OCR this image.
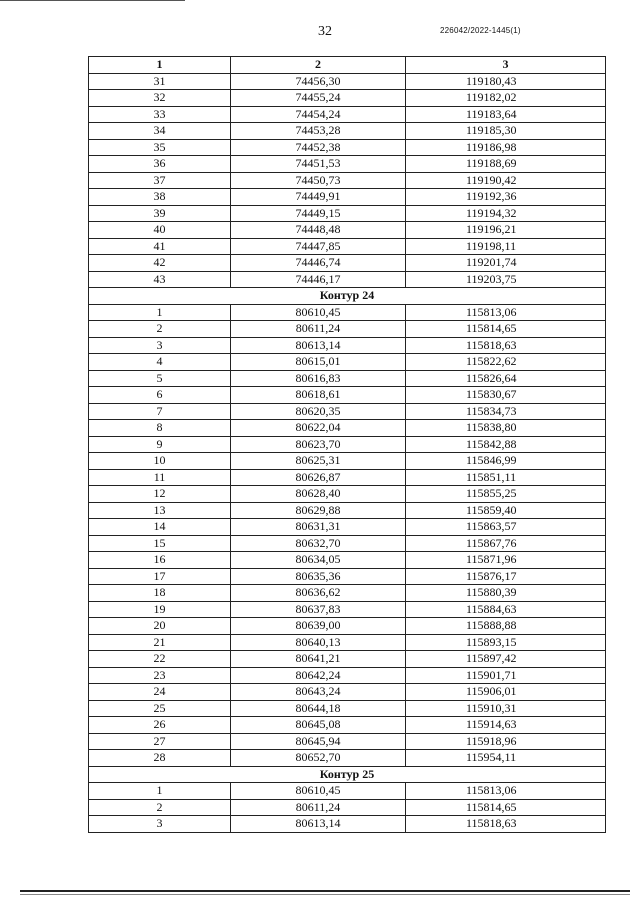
32	226042/2022-1445(1)
1	2	3
31	74456,30	119180,43
32	74455,24	119182,02
33	74454,24	119183,64
34	74453,28	119185,30
35	74452,38	119186,98
36	74451,53	119188,69
37	74450,73	119190,42
38	74449,91	119192,36
39	74449,15	119194,32
40	74448,48	119196,21
41	74447,85	119198,11
42	74446,74	119201,74
43	74446,17	119203,75
Контур 24		
1	80610,45	115813,06
2	80611,24	115814,65
3	80613,14	115818,63
4	80615,01	115822,62
5	80616,83	115826,64
6	80618,61	115830,67
7	80620,35	115834,73
8	80622,04	115838,80
9	80623,70	115842,88
10	80625,31	115846,99
11	80626,87	115851,11
12	80628,40	115855,25
13	80629,88	115859,40
14	80631,31	115863,57
15	80632,70	115867,76
16	80634,05	115871,96
17	80635,36	115876,17
18	80636,62	115880,39
19	80637,83	115884,63
20	80639,00	115888,88
21	80640,13	115893,15
22	80641,21	115897,42
23	80642,24	115901,71
24	80643,24	115906,01
25	80644,18	115910,31
26	80645,08	115914,63
27	80645,94	115918,96
28	80652,70	115954,11
Контур 25		
1	80610,45	115813,06
2	80611,24	115814,65
3	80613,14	115818,63
